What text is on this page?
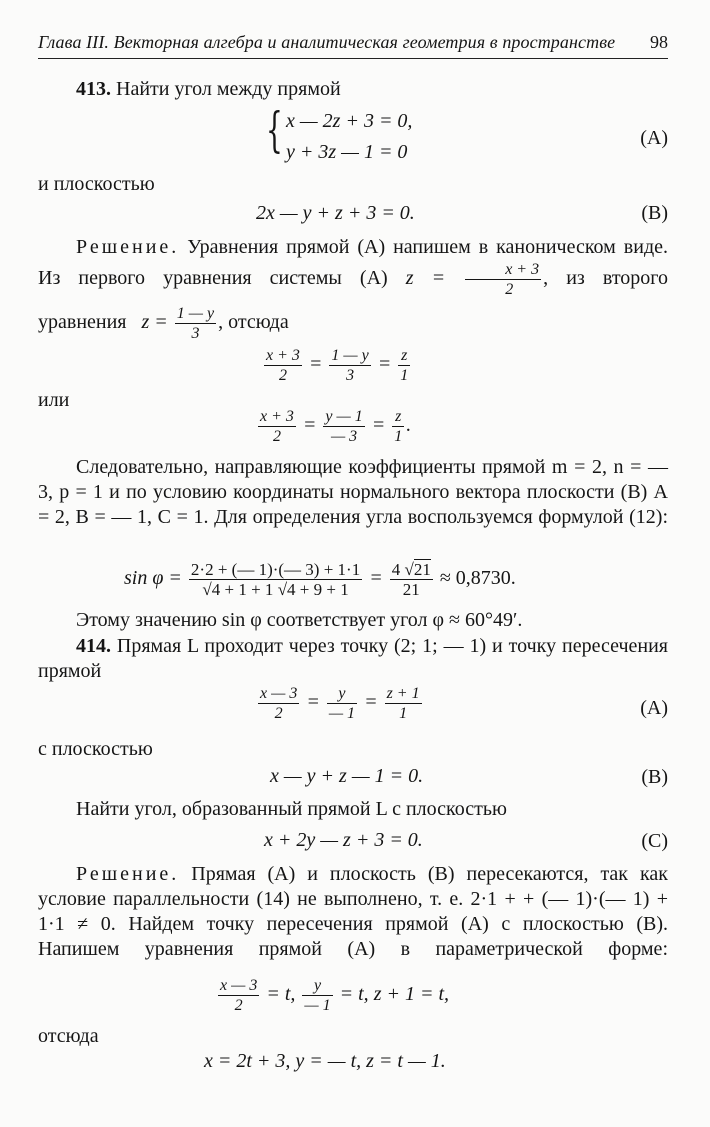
Глава III. Векторная алгебра и аналитическая геометрия в пространстве 98
413. Найти угол между прямой
{ x — 2z + 3 = 0,
y + 3z — 1 = 0
(A)
и плоскостью
2x — y + z + 3 = 0.	(B)
Решение. Уравнения прямой (A) напишем в каноническом виде. Из первого уравнения системы (A) $z = \frac{x + 3}{2}$ , из второго
уравнения $z = \frac{1 — y}{3}$ , отсюда
$\frac{x + 3}{2} = \frac{1 — y}{3} = \frac{z}{1}$
или
$\frac{x + 3}{2} = \frac{y — 1}{— 3} = \frac{z}{1}$ .
Следовательно, направляющие коэффициенты прямой m = 2, n = — 3, p = 1 и по условию координаты нормального вектора плоскости (B) A = 2, B = — 1, C = 1. Для определения угла воспользуемся формулой (12):
$\sin \varphi = \frac{2\cdot 2 + (— 1)\cdot(— 3) + 1\cdot 1}{√4 + 1 + 1 √4 + 9 + 1} = \frac{4 √21}{21} \approx 0,8730$.
Этому значению sin φ соответствует угол φ ≈ 60°49′.
414. Прямая L проходит через точку (2; 1; — 1) и точку пересечения прямой
$\frac{x — 3}{2} = \frac{y}{— 1} = \frac{z + 1}{1}$	(A)
с плоскостью
x — y + z — 1 = 0.	(B)
Найти угол, образованный прямой L с плоскостью
x + 2y — z + 3 = 0.	(C)
Решение. Прямая (A) и плоскость (B) пересекаются, так как условие параллельности (14) не выполнено, т. е. 2·1 + + (— 1)·(— 1) + 1·1 ≠ 0. Найдем точку пересечения прямой (A) с плоскостью (B). Напишем уравнения прямой (A) в параметрической форме:
$\frac{x — 3}{2} = t$, $\frac{y}{— 1} = t$, z + 1 = t,
отсюда
x = 2t + 3, y = — t, z = t — 1.
